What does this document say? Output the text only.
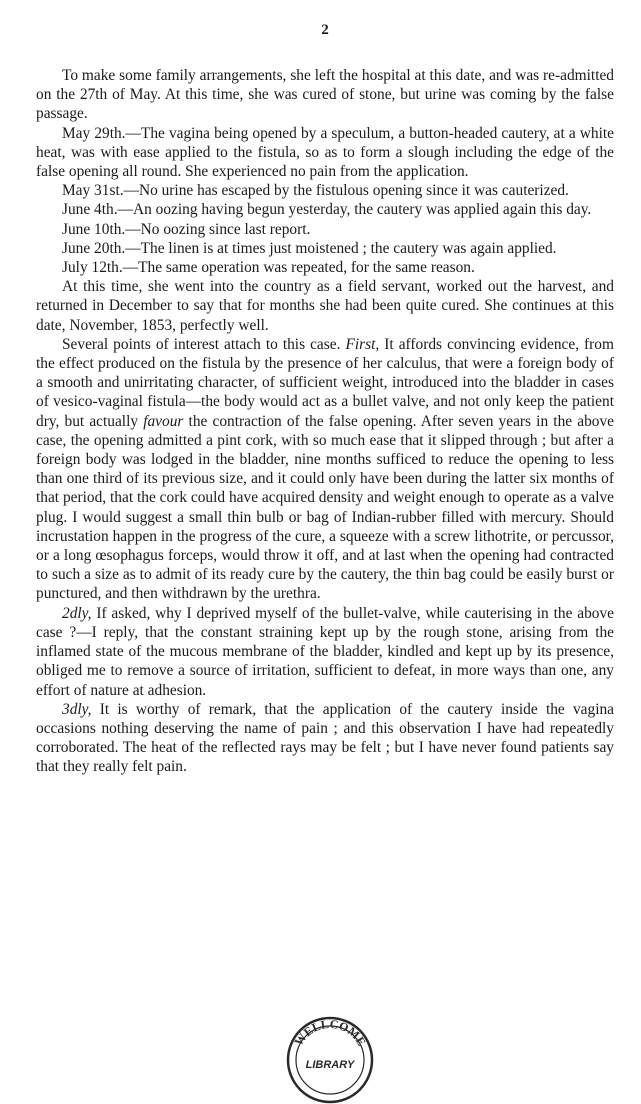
2

To make some family arrangements, she left the hospital at this date, and was re-admitted on the 27th of May. At this time, she was cured of stone, but urine was coming by the false passage.

May 29th.—The vagina being opened by a speculum, a button-headed cautery, at a white heat, was with ease applied to the fistula, so as to form a slough including the edge of the false opening all round. She experienced no pain from the application.

May 31st.—No urine has escaped by the fistulous opening since it was cauterized.

June 4th.—An oozing having begun yesterday, the cautery was applied again this day.

June 10th.—No oozing since last report.

June 20th.—The linen is at times just moistened ; the cautery was again applied.

July 12th.—The same operation was repeated, for the same reason.

At this time, she went into the country as a field servant, worked out the harvest, and returned in December to say that for months she had been quite cured. She continues at this date, November, 1853, perfectly well.

Several points of interest attach to this case. First, It affords convincing evidence, from the effect produced on the fistula by the presence of her calculus, that were a foreign body of a smooth and unirritating character, of sufficient weight, introduced into the bladder in cases of vesico-vaginal fistula—the body would act as a bullet valve, and not only keep the patient dry, but actually favour the contraction of the false opening. After seven years in the above case, the opening admitted a pint cork, with so much ease that it slipped through ; but after a foreign body was lodged in the bladder, nine months sufficed to reduce the opening to less than one third of its previous size, and it could only have been during the latter six months of that period, that the cork could have acquired density and weight enough to operate as a valve plug. I would suggest a small thin bulb or bag of Indian-rubber filled with mercury. Should incrustation happen in the progress of the cure, a squeeze with a screw lithotrite, or percussor, or a long œsophagus forceps, would throw it off, and at last when the opening had contracted to such a size as to admit of its ready cure by the cautery, the thin bag could be easily burst or punctured, and then withdrawn by the urethra.

2dly, If asked, why I deprived myself of the bullet-valve, while cauterising in the above case ?—I reply, that the constant straining kept up by the rough stone, arising from the inflamed state of the mucous membrane of the bladder, kindled and kept up by its presence, obliged me to remove a source of irritation, sufficient to defeat, in more ways than one, any effort of nature at adhesion.

3dly, It is worthy of remark, that the application of the cautery inside the vagina occasions nothing deserving the name of pain ; and this observation I have had repeatedly corroborated. The heat of the reflected rays may be felt ; but I have never found patients say that they really felt pain.

WELLCOME
LIBRARY
